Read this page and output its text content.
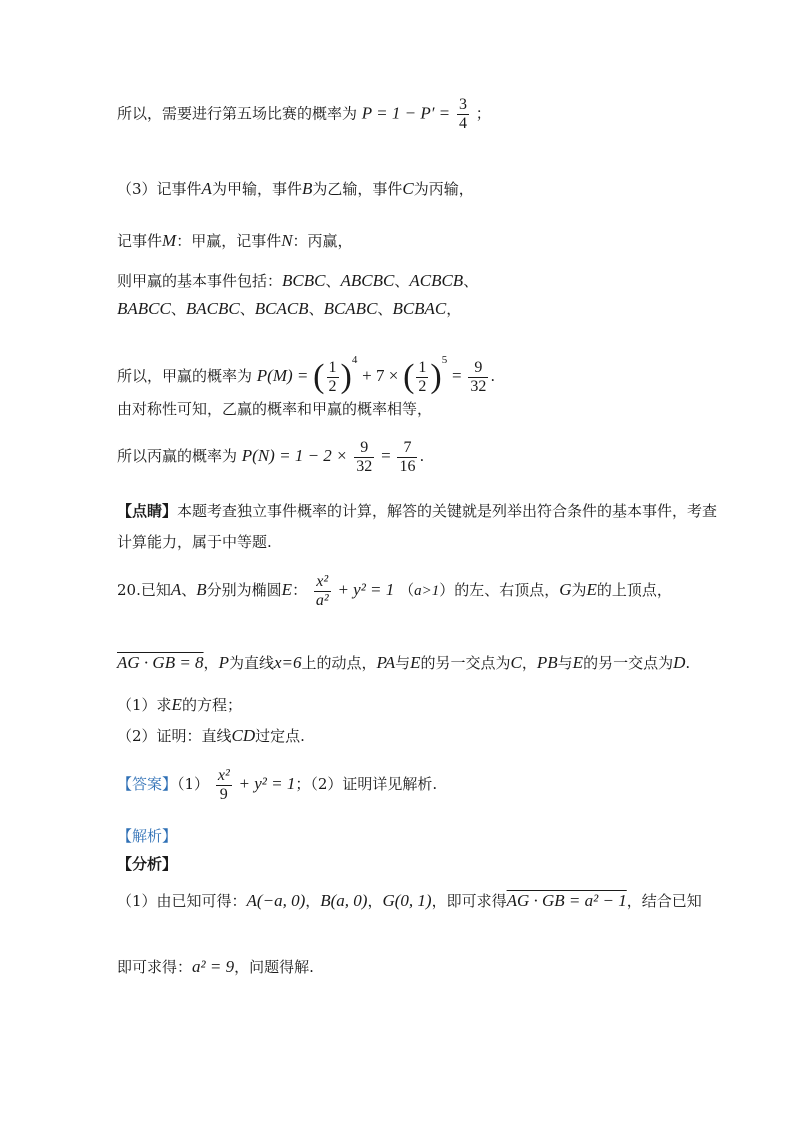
所以，需要进行第五场比赛的概率为 $P = 1 - P' = \frac{3}{4}$ ；
（3）记事件A为甲输，事件B为乙输，事件C为丙输，
记事件M：甲赢，记事件N：丙赢，
则甲赢的基本事件包括：BCBC、ABCBC、ACBCB、
BABCC、BACBC、BCACB、BCABC、BCBAC，
所以，甲赢的概率为 P(M) = ( $\frac{1}{2} )^4 + 7$ × ( $\frac{1}{2} )^5 = \frac{9}{32}$ .
由对称性可知，乙赢的概率和甲赢的概率相等，
所以丙赢的概率为 $P(N) = 1 - 2 \times \frac{9}{32} = \frac{7}{16}$ .
【点睛】本题考查独立事件概率的计算，解答的关键就是列举出符合条件的基本事件，考查
计算能力，属于中等题.
20.已知A、B分别为椭圆E： $\frac{\text{x²}}{\text{a²}} + y^2 = 1$ （a>1）的左、右顶点，G为E的上顶点，
AG · GB = 8，P为直线x=6上的动点，PA与E的另一交点为C，PB与E的另一交点为D.
（1）求E的方程；
（2）证明：直线CD过定点.
【答案】$(1) \frac{\text{x²}}{9} + y^2 = 1$；（2）证明详见解析.
【解析】
【分析】
（1）由已知可得：A(−a, 0)，B(a, 0)，G(0, 1)，即可求得AG · GB = a² − 1，结合已知
即可求得：a² = 9，问题得解.
